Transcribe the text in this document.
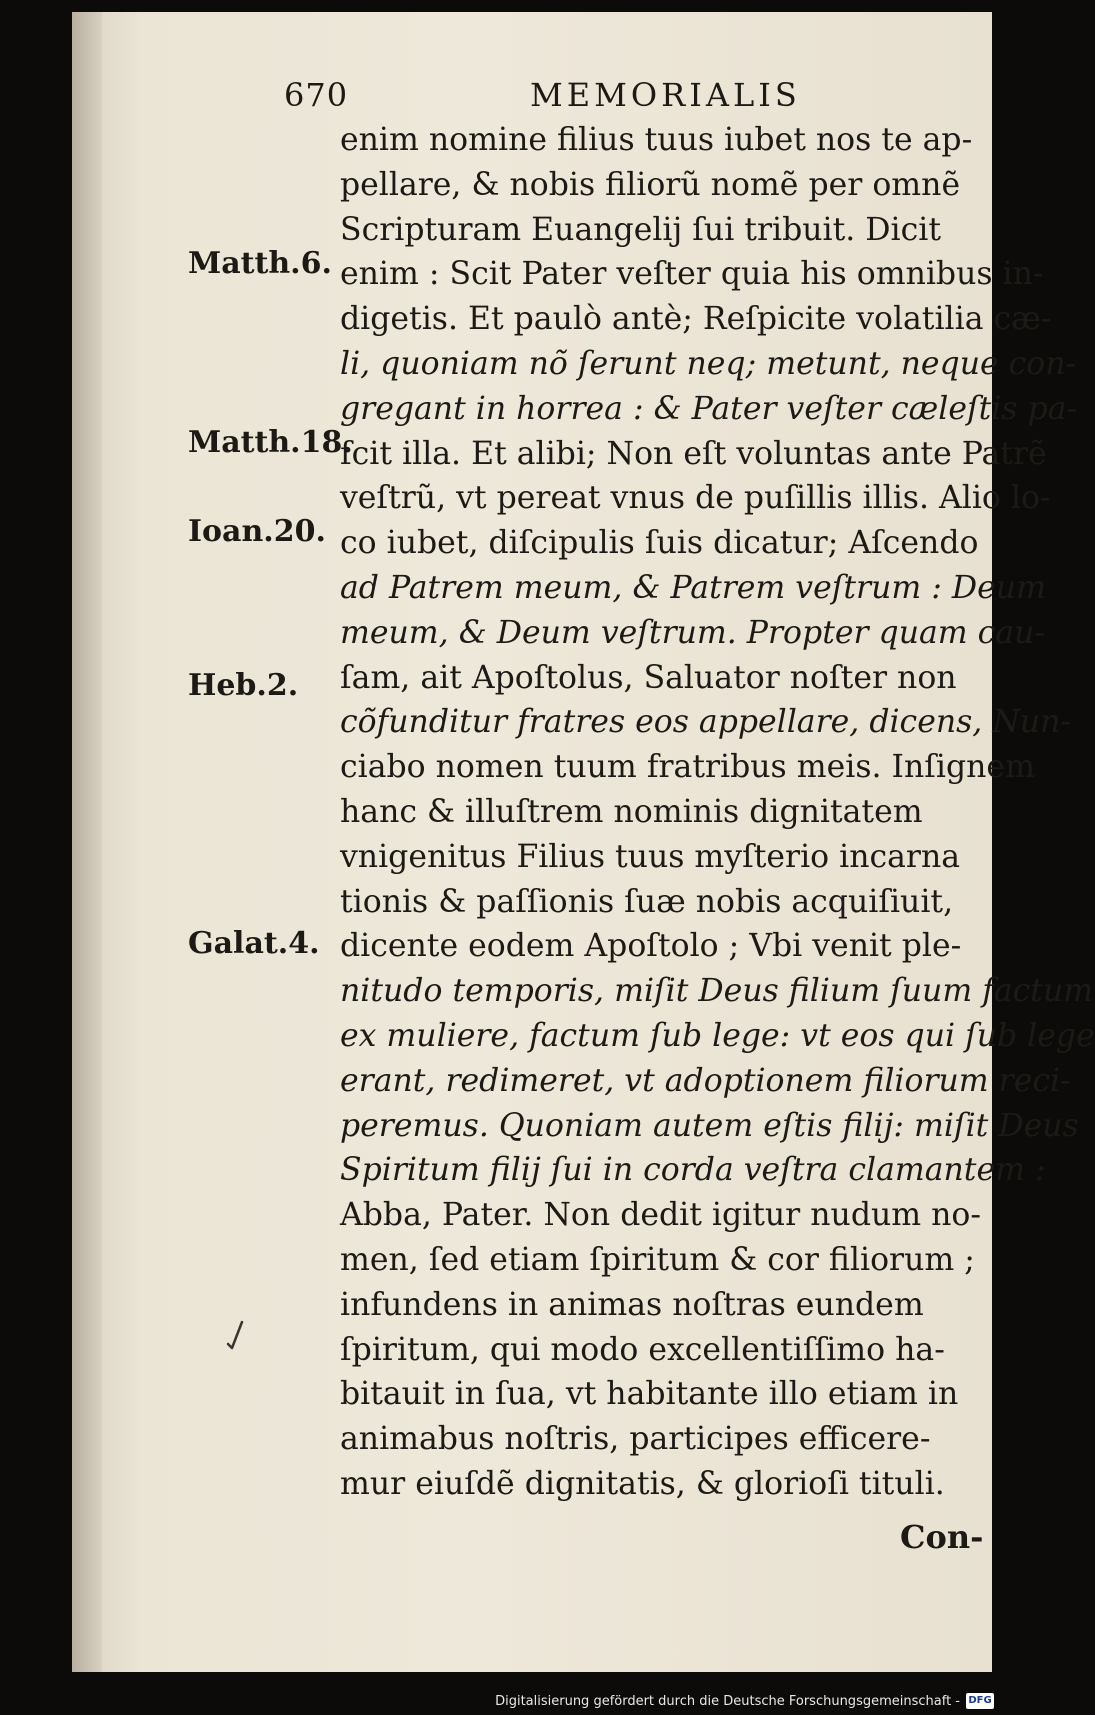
670	MEMORIALIS
Matth.6.
Matth.18.
Ioan.20.
Heb.2.
Galat.4.
enim nomine filius tuus iubet nos te ap-
pellare, & nobis filiorũ nomẽ per omnẽ
Scripturam Euangelij ſui tribuit. Dicit
enim : Scit Pater veſter quia his omnibus in-
digetis. Et paulò antè; Reſpicite volatilia cæ-
li, quoniam nõ ſerunt neq; metunt, neque con-
gregant in horrea : & Pater veſter cæleſtis pa-
ſcit illa. Et alibi; Non eſt voluntas ante Patrẽ
veſtrũ, vt pereat vnus de puſillis illis. Alio lo-
co iubet, diſcipulis ſuis dicatur; Aſcendo
ad Patrem meum, & Patrem veſtrum : Deum
meum, & Deum veſtrum. Propter quam cau-
ſam, ait Apoſtolus, Saluator noſter non
cõfunditur fratres eos appellare, dicens, Nun-
ciabo nomen tuum fratribus meis. Inſignem
hanc & illuſtrem nominis dignitatem
vnigenitus Filius tuus myſterio incarna
tionis & paſſionis ſuæ nobis acquiſiuit,
dicente eodem Apoſtolo ; Vbi venit ple-
nitudo temporis, miſit Deus filium ſuum factum
ex muliere, factum ſub lege: vt eos qui ſub lege
erant, redimeret, vt adoptionem filiorum reci-
peremus. Quoniam autem eſtis filij: miſit Deus
Spiritum filij ſui in corda veſtra clamantem :
Abba, Pater. Non dedit igitur nudum no-
men, ſed etiam ſpiritum & cor filiorum ;
infundens in animas noſtras eundem
ſpiritum, qui modo excellentiſſimo ha-
bitauit in ſua, vt habitante illo etiam in
animabus noſtris, participes efficere-
mur eiuſdẽ dignitatis, & glorioſi tituli.
Con-
Digitalisierung gefördert durch die Deutsche Forschungsgemeinschaft - DFG
